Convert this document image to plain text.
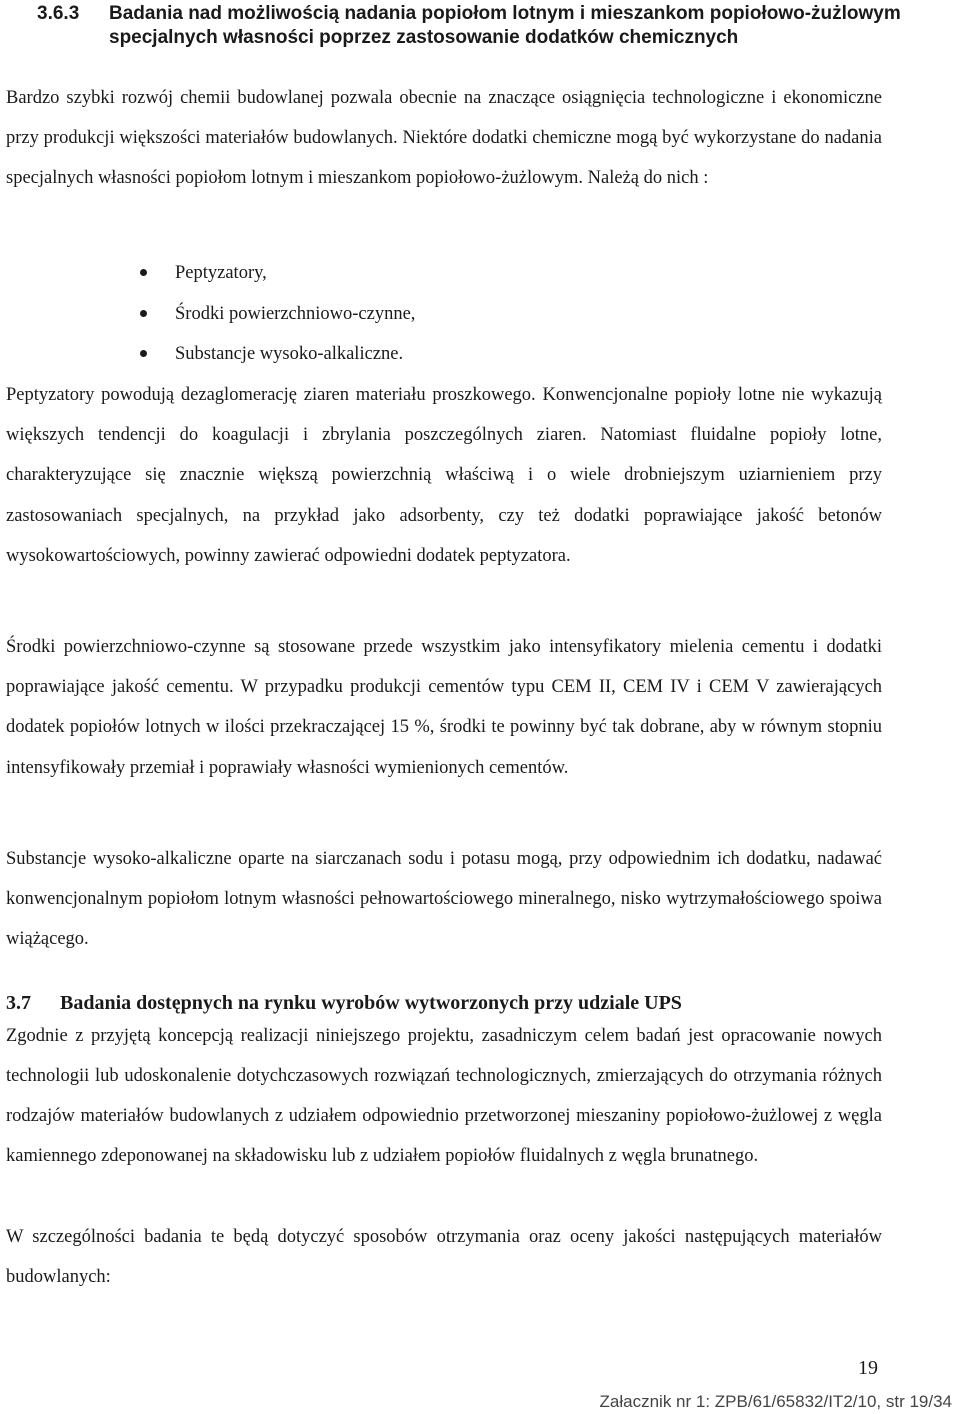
3.6.3 Badania nad możliwością nadania popiołom lotnym i mieszankom popiołowo-żużlowym specjalnych własności poprzez zastosowanie dodatków chemicznych

Bardzo szybki rozwój chemii budowlanej pozwala obecnie na znaczące osiągnięcia technologiczne i ekonomiczne przy produkcji większości materiałów budowlanych. Niektóre dodatki chemiczne mogą być wykorzystane do nadania specjalnych własności popiołom lotnym i mieszankom popiołowo-żużlowym. Należą do nich :

Peptyzatory,
Środki powierzchniowo-czynne,
Substancje wysoko-alkaliczne.

Peptyzatory powodują dezaglomerację ziaren materiału proszkowego. Konwencjonalne popioły lotne nie wykazują większych tendencji do koagulacji i zbrylania poszczególnych ziaren. Natomiast fluidalne popioły lotne, charakteryzujące się znacznie większą powierzchnią właściwą i o wiele drobniejszym uziarnieniem przy zastosowaniach specjalnych, na przykład jako adsorbenty, czy też dodatki poprawiające jakość betonów wysokowartościowych, powinny zawierać odpowiedni dodatek peptyzatora.

Środki powierzchniowo-czynne są stosowane przede wszystkim jako intensyfikatory mielenia cementu i dodatki poprawiające jakość cementu. W przypadku produkcji cementów typu CEM II, CEM IV i CEM V zawierających dodatek popiołów lotnych w ilości przekraczającej 15 %, środki te powinny być tak dobrane, aby w równym stopniu intensyfikowały przemiał i poprawiały własności wymienionych cementów.

Substancje wysoko-alkaliczne oparte na siarczanach sodu i potasu mogą, przy odpowiednim ich dodatku, nadawać konwencjonalnym popiołom lotnym własności pełnowartościowego mineralnego, nisko wytrzymałościowego spoiwa wiążącego.

3.7 Badania dostępnych na rynku wyrobów wytworzonych przy udziale UPS

Zgodnie z przyjętą koncepcją realizacji niniejszego projektu, zasadniczym celem badań jest opracowanie nowych technologii lub udoskonalenie dotychczasowych rozwiązań technologicznych, zmierzających do otrzymania różnych rodzajów materiałów budowlanych z udziałem odpowiednio przetworzonej mieszaniny popiołowo-żużlowej z węgla kamiennego zdeponowanej na składowisku lub z udziałem popiołów fluidalnych z węgla brunatnego.

W szczególności badania te będą dotyczyć sposobów otrzymania oraz oceny jakości następujących materiałów budowlanych:

19
Załacznik nr 1: ZPB/61/65832/IT2/10, str 19/34
